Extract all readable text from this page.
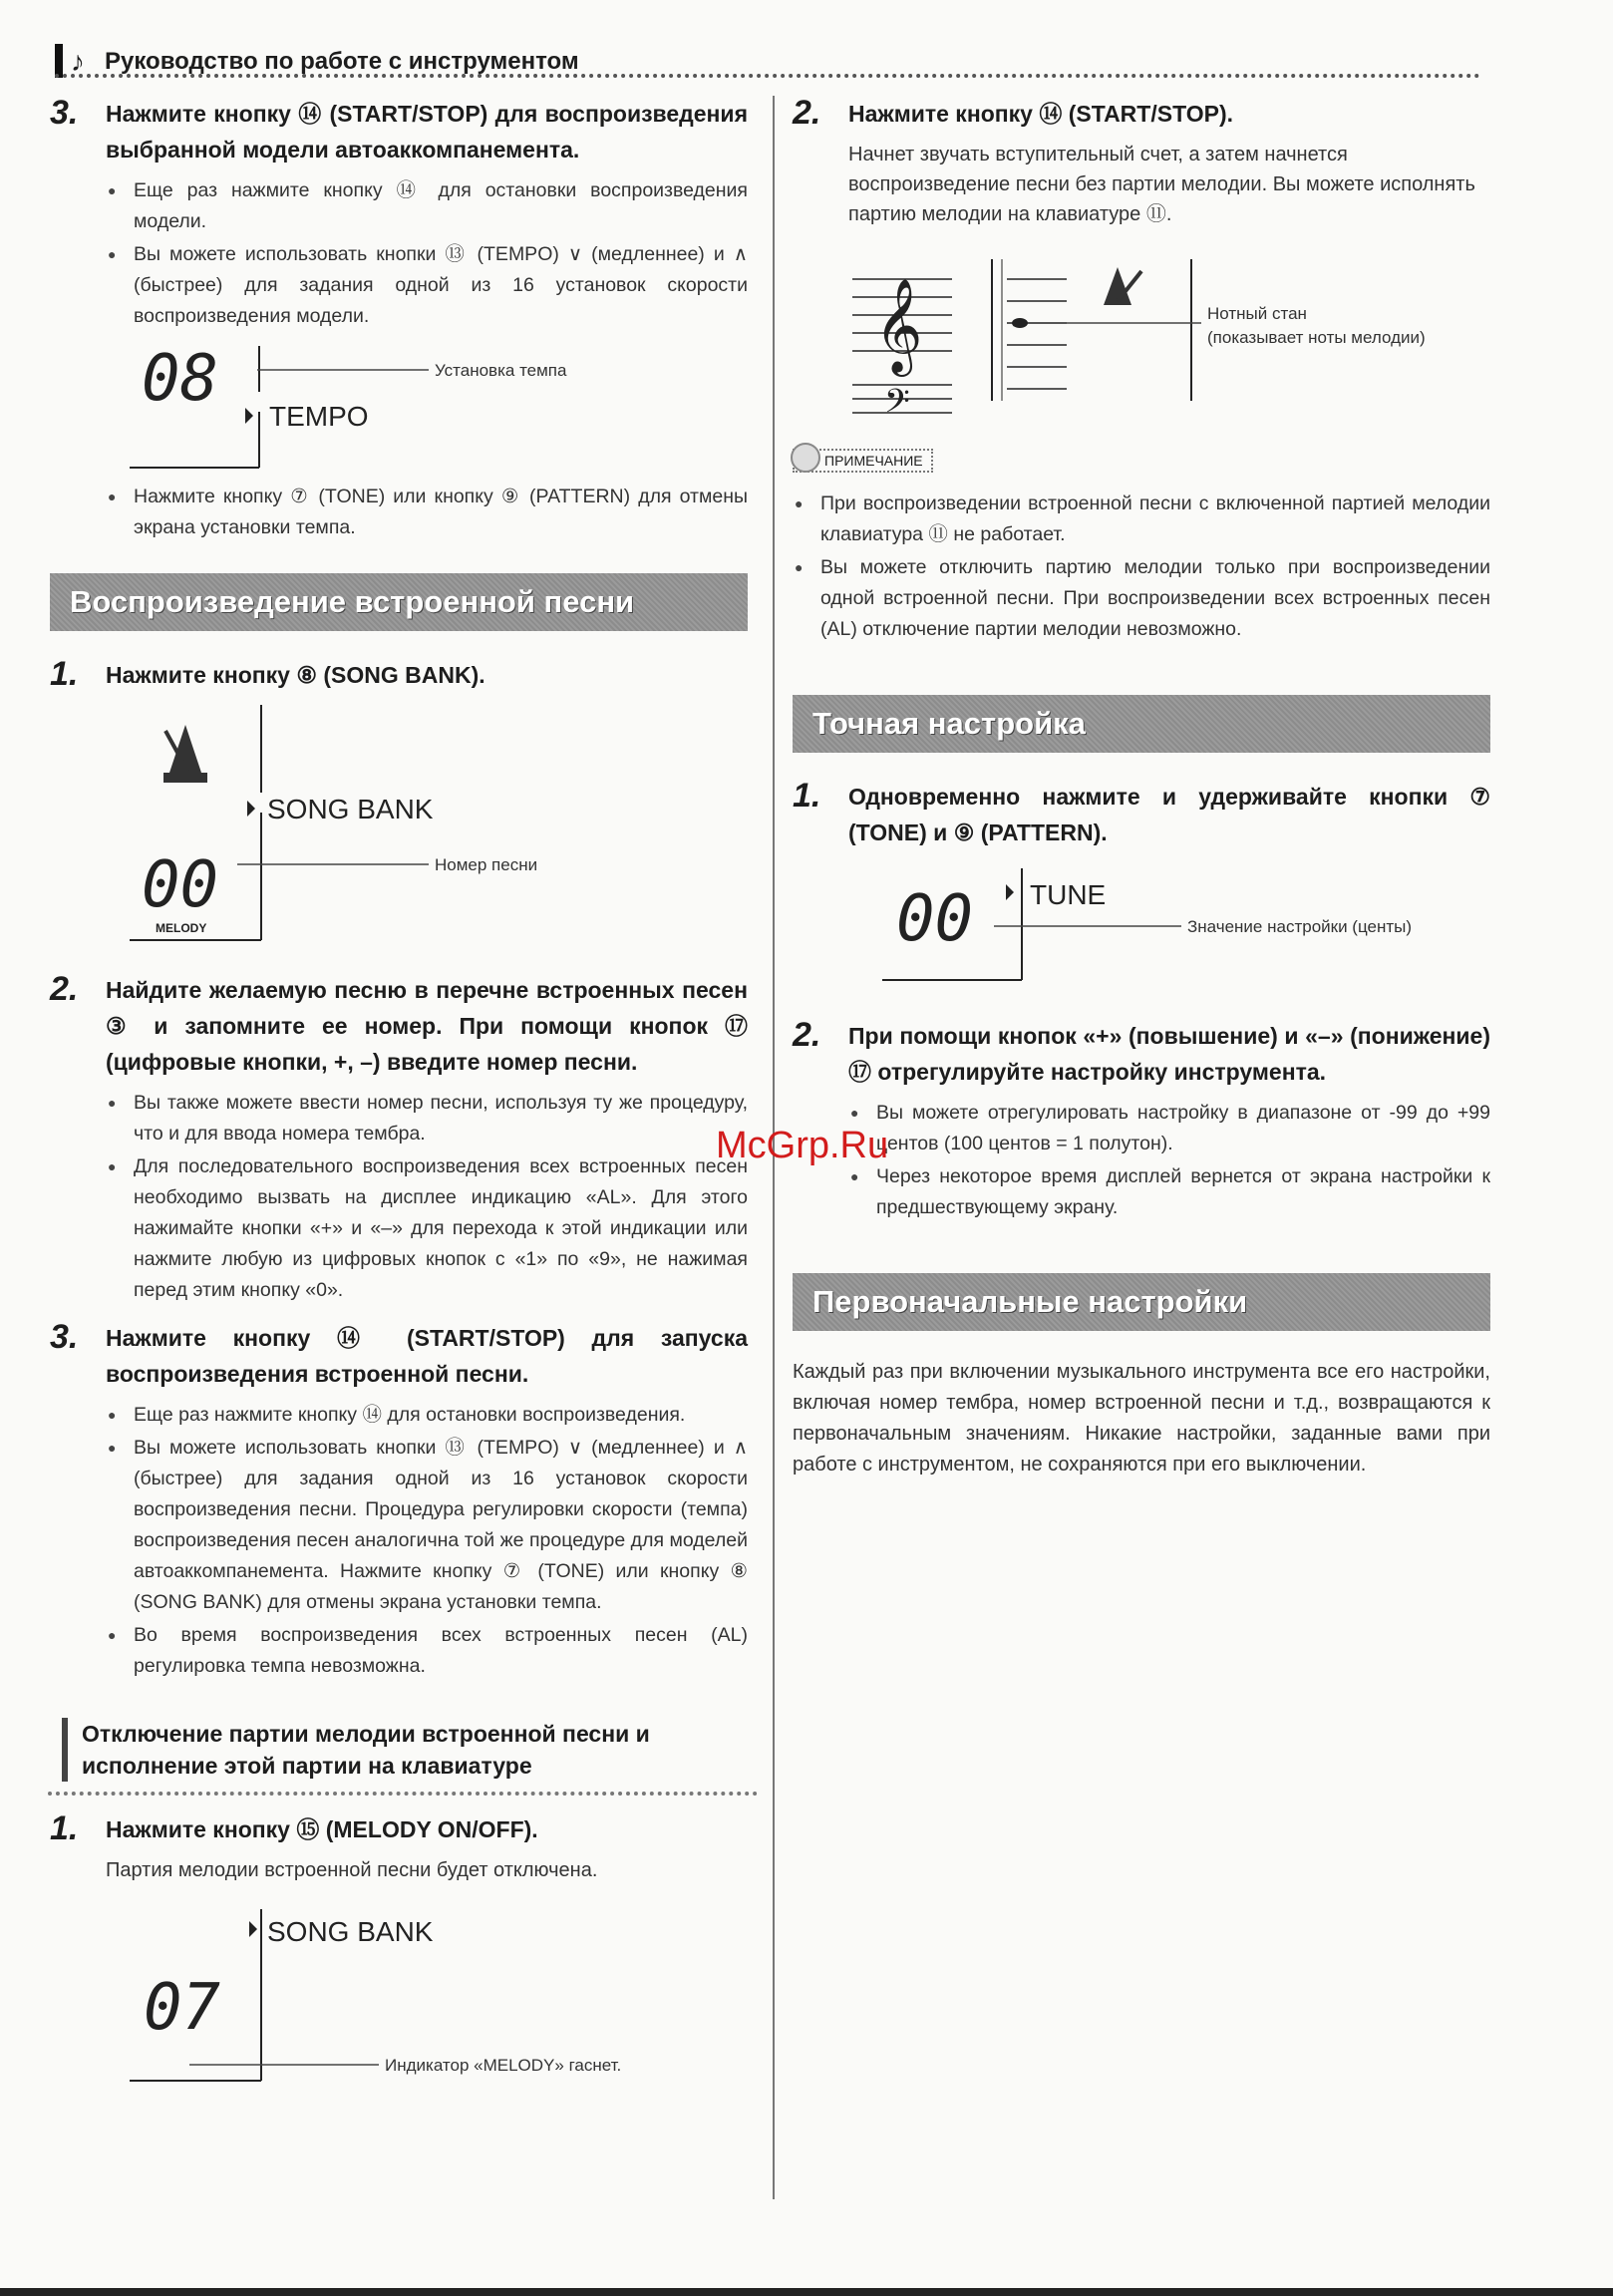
♪ Руководство по работе с инструментом
3. Нажмите кнопку ⑭ (START/STOP) для воспроизведения выбранной модели автоаккомпанемента.
● Еще раз нажмите кнопку ⑭ для остановки воспроизведения модели.
● Вы можете использовать кнопки ⑬ (TEMPO) ∨ (медленнее) и ∧ (быстрее) для задания одной из 16 установок скорости воспроизведения модели.
08
TEMPO
Установка темпа
● Нажмите кнопку ⑦ (TONE) или кнопку ⑨ (PATTERN) для отмены экрана установки темпа.
Воспроизведение встроенной песни
1. Нажмите кнопку ⑧ (SONG BANK).
SONG BANK
00
MELODY
Номер песни
2. Найдите желаемую песню в перечне встроенных песен ③ и запомните ее номер. При помощи кнопок ⑰ (цифровые кнопки, +, –) введите номер песни.
● Вы также можете ввести номер песни, используя ту же процедуру, что и для ввода номера тембра.
● Для последовательного воспроизведения всех встроенных песен необходимо вызвать на дисплее индикацию «AL». Для этого нажимайте кнопки «+» и «–» для перехода к этой индикации или нажмите любую из цифровых кнопок с «1» по «9», не нажимая перед этим кнопку «0».
3. Нажмите кнопку ⑭ (START/STOP) для запуска воспроизведения встроенной песни.
● Еще раз нажмите кнопку ⑭ для остановки воспроизведения.
● Вы можете использовать кнопки ⑬ (TEMPO) ∨ (медленнее) и ∧ (быстрее) для задания одной из 16 установок скорости воспроизведения песни. Процедура регулировки скорости (темпа) воспроизведения песен аналогична той же процедуре для моделей автоаккомпанемента. Нажмите кнопку ⑦ (TONE) или кнопку ⑧ (SONG BANK) для отмены экрана установки темпа.
● Во время воспроизведения всех встроенных песен (AL) регулировка темпа невозможна.
Отключение партии мелодии встроенной песни и исполнение этой партии на клавиатуре
1. Нажмите кнопку ⑮ (MELODY ON/OFF).
Партия мелодии встроенной песни будет отключена.
SONG BANK
07
Индикатор «MELODY» гаснет.
2. Нажмите кнопку ⑭ (START/STOP).
Начнет звучать вступительный счет, а затем начнется воспроизведение песни без партии мелодии. Вы можете исполнять партию мелодии на клавиатуре ⑪.
𝄞
𝄢
Нотный стан
(показывает ноты мелодии)
ПРИМЕЧАНИЕ
● При воспроизведении встроенной песни с включенной партией мелодии клавиатура ⑪ не работает.
● Вы можете отключить партию мелодии только при воспроизведении одной встроенной песни. При воспроизведении всех встроенных песен (AL) отключение партии мелодии невозможно.
Точная настройка
1. Одновременно нажмите и удерживайте кнопки ⑦ (TONE) и ⑨ (PATTERN).
00 TUNE
Значение настройки (центы)
2. При помощи кнопок «+» (повышение) и «–» (понижение) ⑰ отрегулируйте настройку инструмента.
● Вы можете отрегулировать настройку в диапазоне от -99 до +99 центов (100 центов = 1 полутон).
● Через некоторое время дисплей вернется от экрана настройки к предшествующему экрану.
Первоначальные настройки
Каждый раз при включении музыкального инструмента все его настройки, включая номер тембра, номер встроенной песни и т.д., возвращаются к первоначальным значениям. Никакие настройки, заданные вами при работе с инструментом, не сохраняются при его выключении.
McGrp.Ru
